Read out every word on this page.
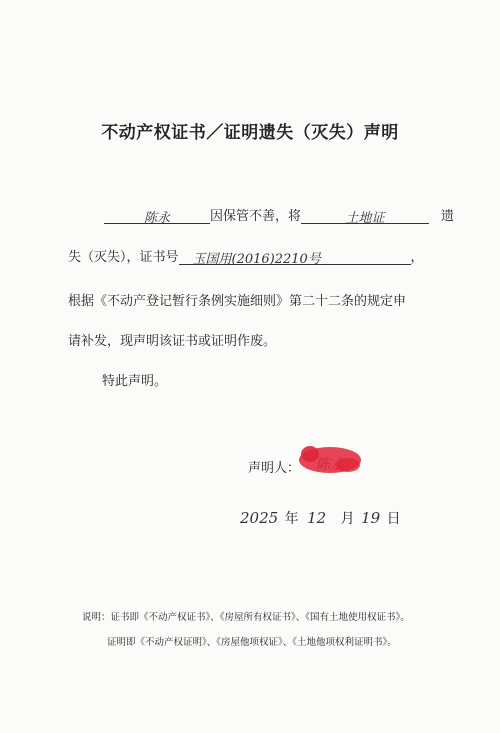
不动产权证书／证明遗失（灭失）声明
陈永	因保管不善，将	土地证	遗
失（灭失），证书号 玉国用(2016)2210号	，
根据《不动产登记暂行条例实施细则》第二十二条的规定申
请补发，现声明该证书或证明作废。
特此声明。
声明人：
2025 年 12 月 19 日
说明：证书即《不动产权证书》、《房屋所有权证书》、《国有土地使用权证书》。
证明即《不动产权证明》、《房屋他项权证》、《土地他项权利证明书》。
